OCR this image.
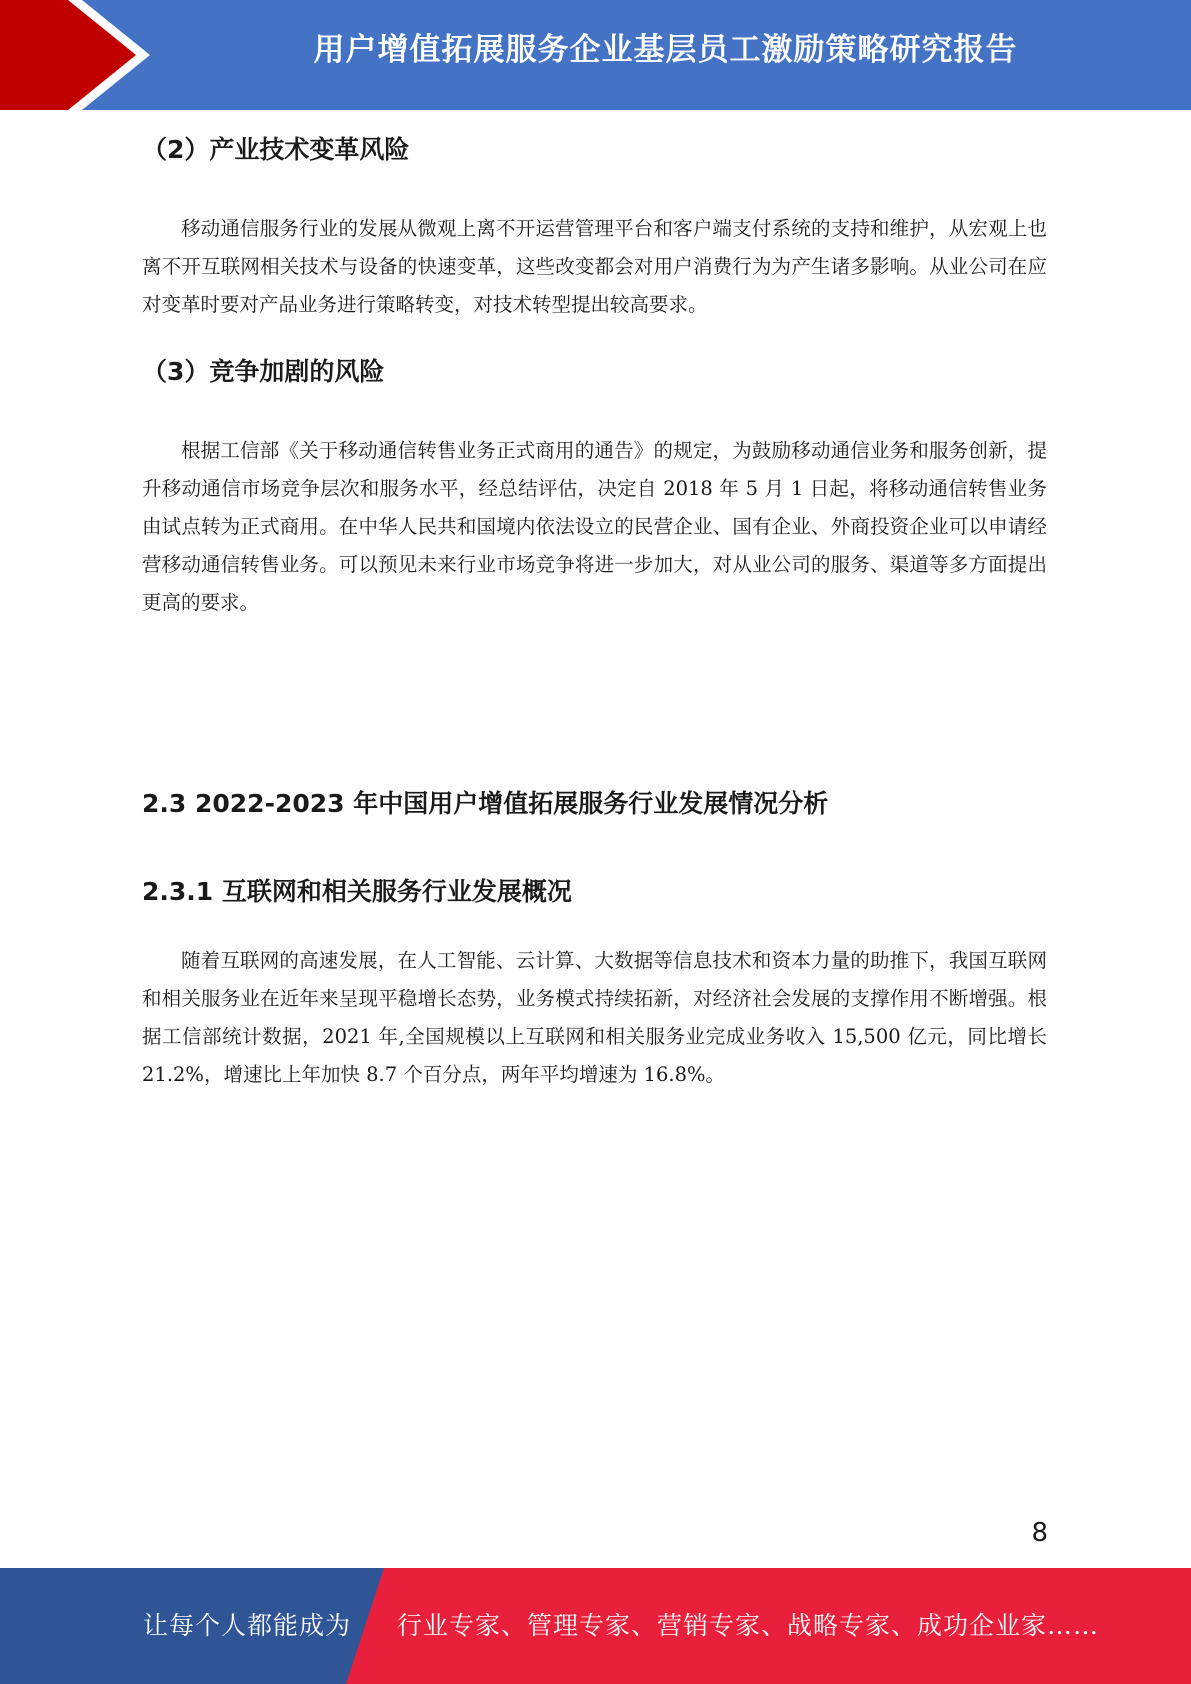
用户增值拓展服务企业基层员工激励策略研究报告
（2）产业技术变革风险

移动通信服务行业的发展从微观上离不开运营管理平台和客户端支付系统的支持和维护，从宏观上也离不开互联网相关技术与设备的快速变革，这些改变都会对用户消费行为为产生诸多影响。从业公司在应对变革时要对产品业务进行策略转变，对技术转型提出较高要求。

（3）竞争加剧的风险

根据工信部《关于移动通信转售业务正式商用的通告》的规定，为鼓励移动通信业务和服务创新，提升移动通信市场竞争层次和服务水平，经总结评估，决定自 2018 年 5 月 1 日起，将移动通信转售业务由试点转为正式商用。在中华人民共和国境内依法设立的民营企业、国有企业、外商投资企业可以申请经营移动通信转售业务。可以预见未来行业市场竞争将进一步加大，对从业公司的服务、渠道等多方面提出更高的要求。

2.3 2022-2023 年中国用户增值拓展服务行业发展情况分析
2.3.1 互联网和相关服务行业发展概况

随着互联网的高速发展，在人工智能、云计算、大数据等信息技术和资本力量的助推下，我国互联网和相关服务业在近年来呈现平稳增长态势，业务模式持续拓新，对经济社会发展的支撑作用不断增强。根据工信部统计数据，2021 年,全国规模以上互联网和相关服务业完成业务收入 15,500 亿元，同比增长 21.2%，增速比上年加快 8.7 个百分点，两年平均增速为 16.8%。

8
让每个人都能成为 行业专家、管理专家、营销专家、战略专家、成功企业家……
